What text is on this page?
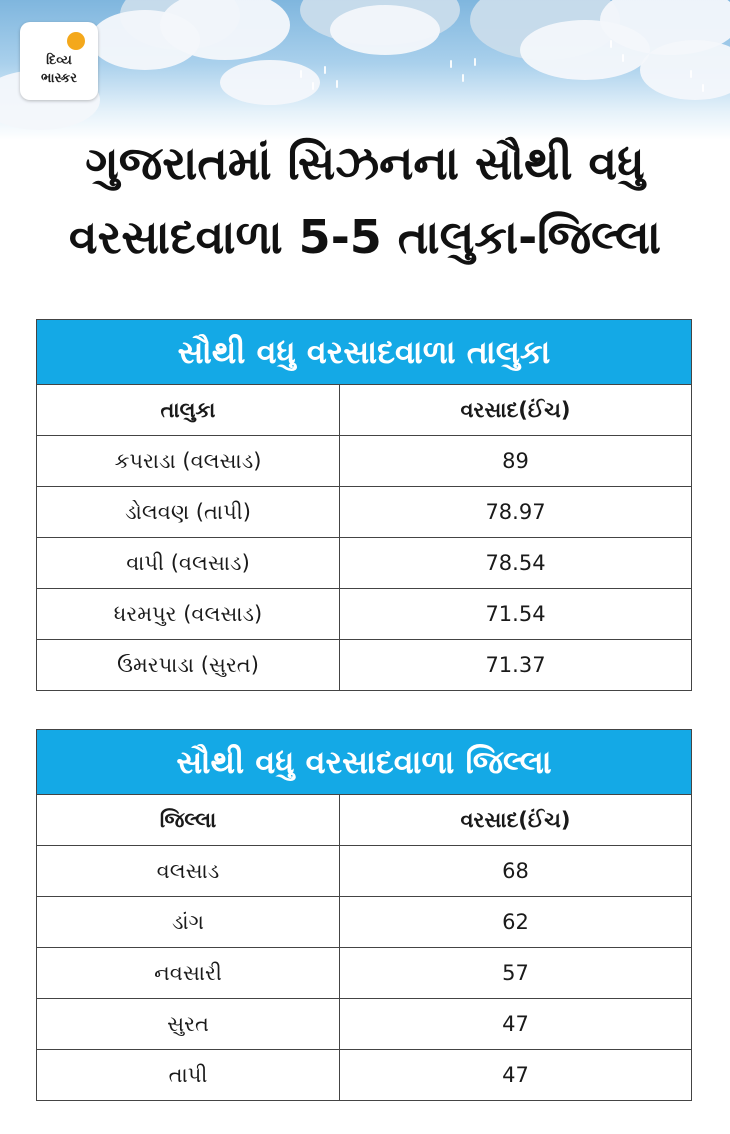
દિવ્ય
ભાસ્કર
ગુજરાતમાં સિઝનના સૌથી વધુ
વરસાદવાળા 5-5 તાલુકા-જિલ્લા
સૌથી વધુ વરસાદવાળા તાલુકા
તાલુકા	વરસાદ(ઈંચ)
કપરાડા (વલસાડ)	89
ડોલવણ (તાપી)	78.97
વાપી (વલસાડ)	78.54
ધરમપુર (વલસાડ)	71.54
ઉમરપાડા (સુરત)	71.37
સૌથી વધુ વરસાદવાળા જિલ્લા
જિલ્લા	વરસાદ(ઈંચ)
વલસાડ	68
ડાંગ	62
નવસારી	57
સુરત	47
તાપી	47
